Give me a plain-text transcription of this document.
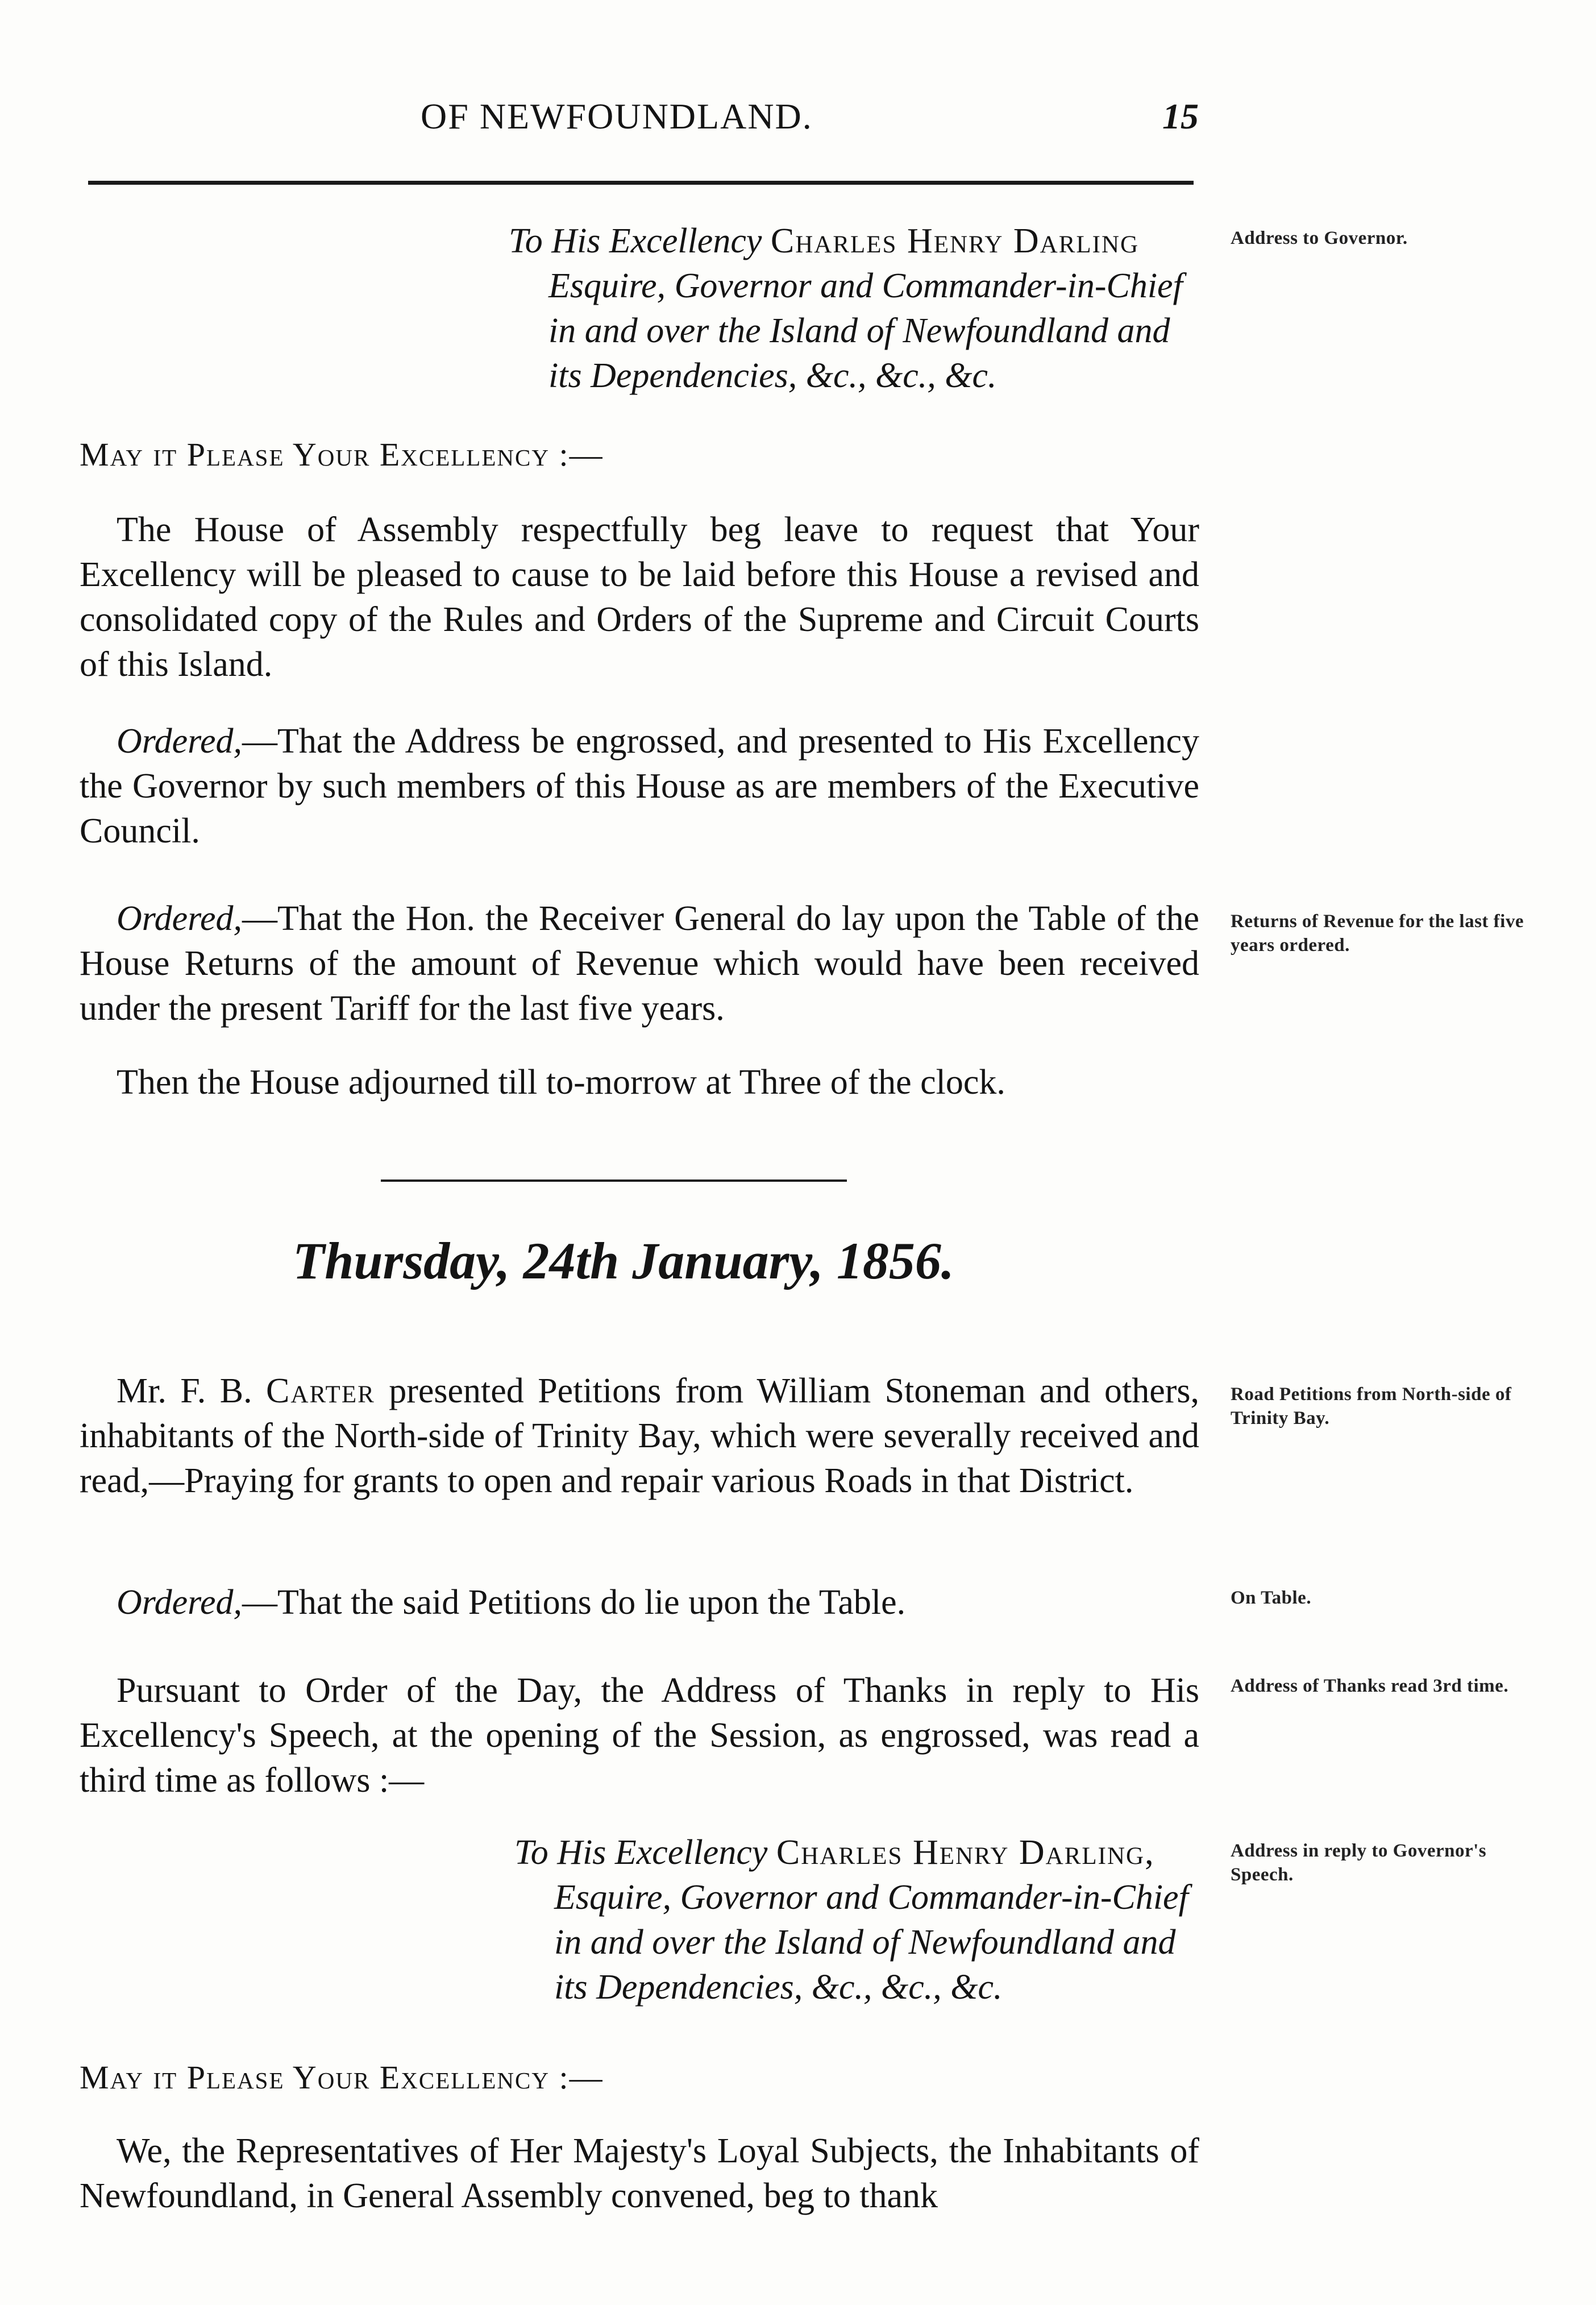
OF NEWFOUNDLAND.	15
To His Excellency Charles Henry Darling
Esquire, Governor and Commander-in-Chief
in and over the Island of Newfoundland and
its Dependencies, &c., &c., &c.
May it Please Your Excellency :—
The House of Assembly respectfully beg leave to request that Your Excellency will be pleased to cause to be laid before this House a revised and consolidated copy of the Rules and Orders of the Supreme and Circuit Courts of this Island.
Ordered,—That the Address be engrossed, and presented to His Excellency the Governor by such members of this House as are members of the Executive Council.
Ordered,—That the Hon. the Receiver General do lay upon the Table of the House Returns of the amount of Revenue which would have been received under the present Tariff for the last five years.
Then the House adjourned till to-morrow at Three of the clock.
Thursday, 24th January, 1856.
Mr. F. B. Carter presented Petitions from William Stoneman and others, inhabitants of the North-side of Trinity Bay, which were severally received and read,—Praying for grants to open and repair various Roads in that District.
Ordered,—That the said Petitions do lie upon the Table.
Pursuant to Order of the Day, the Address of Thanks in reply to His Excellency's Speech, at the opening of the Session, as engrossed, was read a third time as follows :—
To His Excellency Charles Henry Darling,
Esquire, Governor and Commander-in-Chief
in and over the Island of Newfoundland and
its Dependencies, &c., &c., &c.
May it Please Your Excellency :—
We, the Representatives of Her Majesty's Loyal Subjects, the Inhabitants of Newfoundland, in General Assembly convened, beg to thank
Address to Governor.
Returns of Revenue for the last five years ordered.
Road Petitions from North-side of Trinity Bay.
On Table.
Address of Thanks read 3rd time.
Address in reply to Governor's Speech.
